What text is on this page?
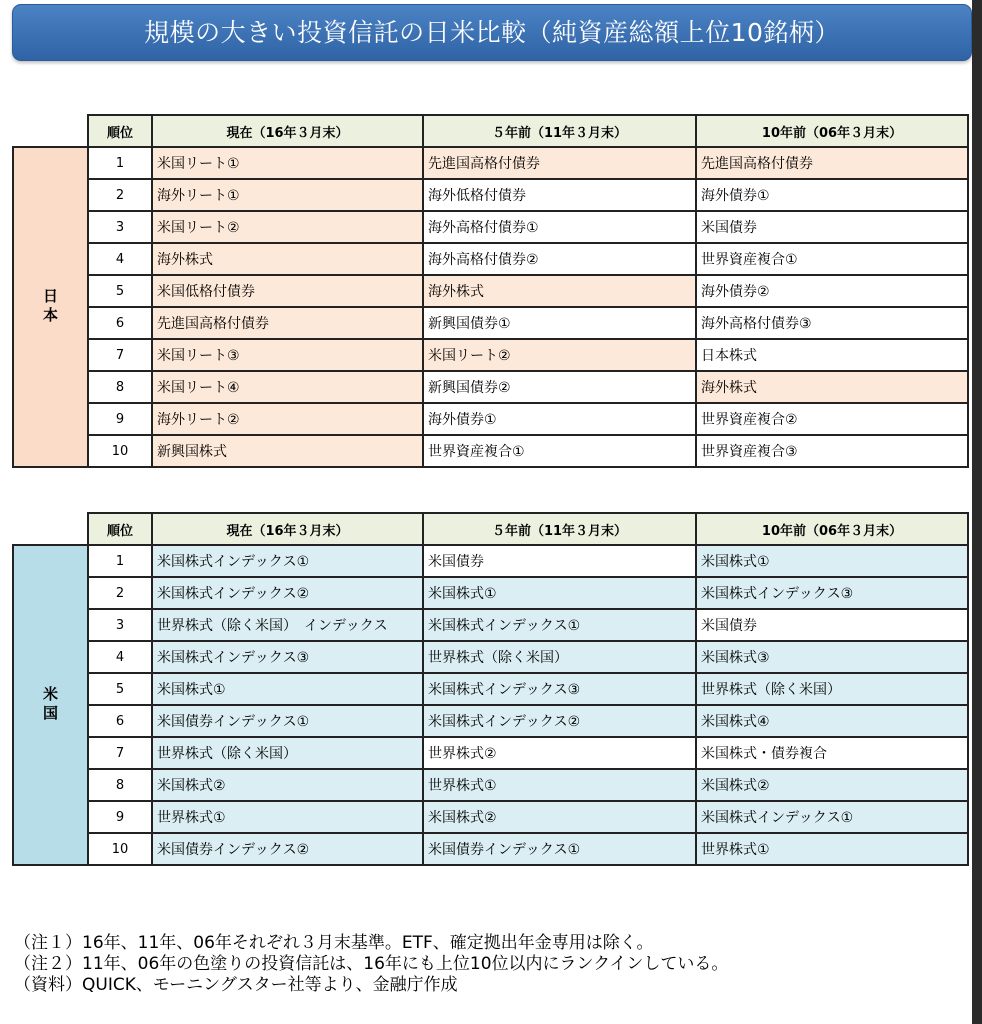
規模の大きい投資信託の日米比較（純資産総額上位10銘柄）
	順位	現在（16年３月末）	５年前（11年３月末）	10年前（06年３月末）
日本	1	米国リート①	先進国高格付債券	先進国高格付債券
	2	海外リート①	海外低格付債券	海外債券①
	3	米国リート②	海外高格付債券①	米国債券
	4	海外株式	海外高格付債券②	世界資産複合①
	5	米国低格付債券	海外株式	海外債券②
	6	先進国高格付債券	新興国債券①	海外高格付債券③
	7	米国リート③	米国リート②	日本株式
	8	米国リート④	新興国債券②	海外株式
	9	海外リート②	海外債券①	世界資産複合②
	10	新興国株式	世界資産複合①	世界資産複合③
	順位	現在（16年３月末）	５年前（11年３月末）	10年前（06年３月末）
米国	1	米国株式インデックス①	米国債券	米国株式①
	2	米国株式インデックス②	米国株式①	米国株式インデックス③
	3	世界株式（除く米国）　インデックス	米国株式インデックス①	米国債券
	4	米国株式インデックス③	世界株式（除く米国）	米国株式③
	5	米国株式①	米国株式インデックス③	世界株式（除く米国）
	6	米国債券インデックス①	米国株式インデックス②	米国株式④
	7	世界株式（除く米国）	世界株式②	米国株式・債券複合
	8	米国株式②	世界株式①	米国株式②
	9	世界株式①	米国株式②	米国株式インデックス①
	10	米国債券インデックス②	米国債券インデックス①	世界株式①
（注１）16年、11年、06年それぞれ３月末基準。ETF、確定拠出年金専用は除く。
（注２）11年、06年の色塗りの投資信託は、16年にも上位10位以内にランクインしている。
（資料）QUICK、モーニングスター社等より、金融庁作成
